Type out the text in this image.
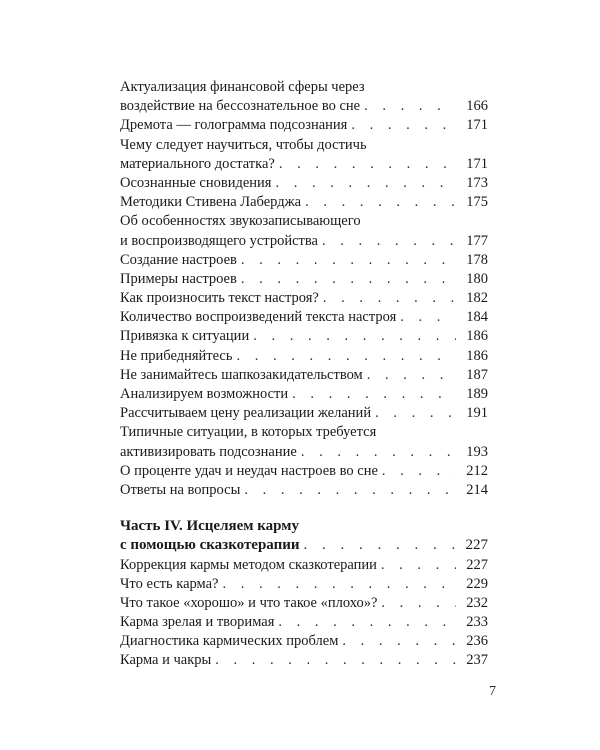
Актуализация финансовой сферы через
воздействие на бессознательное во сне . . .	166
Дремота — голограмма подсознания . . .	171
Чему следует научиться, чтобы достичь
материального достатка? . . .	171
Осознанные сновидения . . .	173
Методики Стивена Лаберджа . . .	175
Об особенностях звукозаписывающего
и воспроизводящего устройства . . .	177
Создание настроев . . .	178
Примеры настроев . . .	180
Как произносить текст настроя? . . .	182
Количество воспроизведений текста настроя . . .	184
Привязка к ситуации . . .	186
Не прибедняйтесь . . .	186
Не занимайтесь шапкозакидательством . . .	187
Анализируем возможности . . .	189
Рассчитываем цену реализации желаний . . .	191
Типичные ситуации, в которых требуется
активизировать подсознание . . .	193
О проценте удач и неудач настроев во сне . . .	212
Ответы на вопросы . . .	214
Часть IV. Исцеляем карму
с помощью сказкотерапии . . .	227
Коррекция кармы методом сказкотерапии . . .	227
Что есть карма? . . .	229
Что такое «хорошо» и что такое «плохо»? . . .	232
Карма зрелая и творимая . . .	233
Диагностика кармических проблем . . .	236
Карма и чакры . . .	237
7
